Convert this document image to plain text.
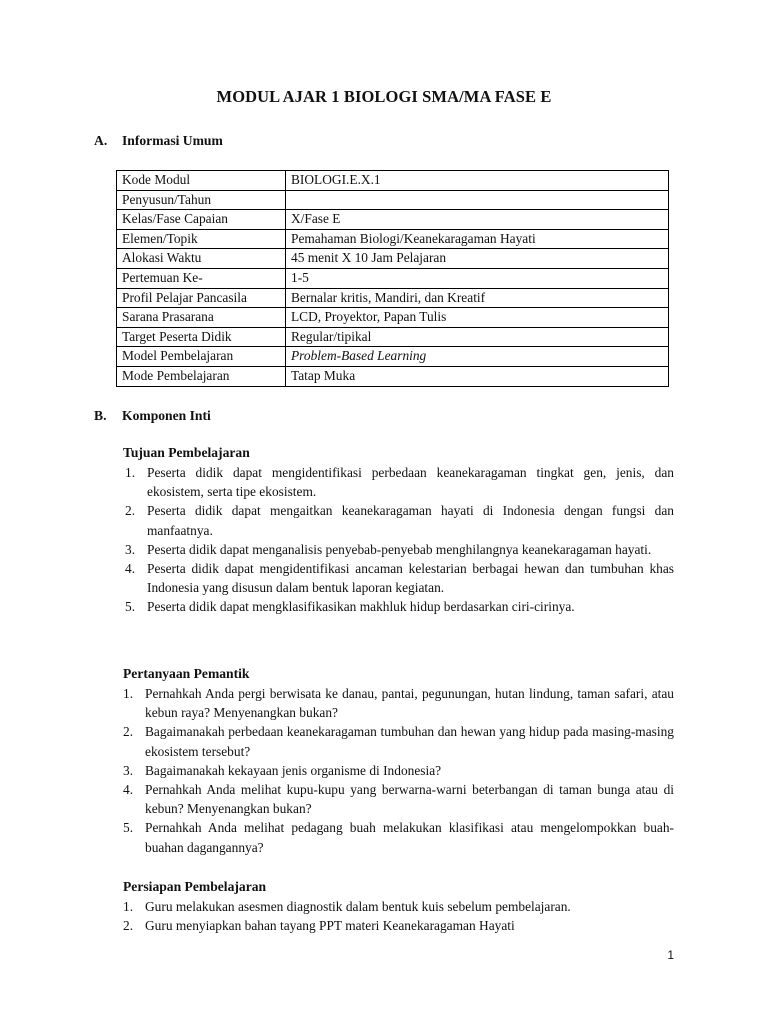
MODUL AJAR 1 BIOLOGI SMA/MA FASE E
A. Informasi Umum
Kode Modul	BIOLOGI.E.X.1
Penyusun/Tahun	
Kelas/Fase Capaian	X/Fase E
Elemen/Topik	Pemahaman Biologi/Keanekaragaman Hayati
Alokasi Waktu	45 menit X 10 Jam Pelajaran
Pertemuan Ke-	1-5
Profil Pelajar Pancasila	Bernalar kritis, Mandiri, dan Kreatif
Sarana Prasarana	LCD, Proyektor, Papan Tulis
Target Peserta Didik	Regular/tipikal
Model Pembelajaran	Problem-Based Learning
Mode Pembelajaran	Tatap Muka
B. Komponen Inti
Tujuan Pembelajaran
1. Peserta didik dapat mengidentifikasi perbedaan keanekaragaman tingkat gen, jenis, dan ekosistem, serta tipe ekosistem.
2. Peserta didik dapat mengaitkan keanekaragaman hayati di Indonesia dengan fungsi dan manfaatnya.
3. Peserta didik dapat menganalisis penyebab-penyebab menghilangnya keanekaragaman hayati.
4. Peserta didik dapat mengidentifikasi ancaman kelestarian berbagai hewan dan tumbuhan khas Indonesia yang disusun dalam bentuk laporan kegiatan.
5. Peserta didik dapat mengklasifikasikan makhluk hidup berdasarkan ciri-cirinya.
Pertanyaan Pemantik
1. Pernahkah Anda pergi berwisata ke danau, pantai, pegunungan, hutan lindung, taman safari, atau kebun raya? Menyenangkan bukan?
2. Bagaimanakah perbedaan keanekaragaman tumbuhan dan hewan yang hidup pada masing-masing ekosistem tersebut?
3. Bagaimanakah kekayaan jenis organisme di Indonesia?
4. Pernahkah Anda melihat kupu-kupu yang berwarna-warni beterbangan di taman bunga atau di kebun? Menyenangkan bukan?
5. Pernahkah Anda melihat pedagang buah melakukan klasifikasi atau mengelompokkan buah-buahan dagangannya?
Persiapan Pembelajaran
1. Guru melakukan asesmen diagnostik dalam bentuk kuis sebelum pembelajaran.
2. Guru menyiapkan bahan tayang PPT materi Keanekaragaman Hayati
1
